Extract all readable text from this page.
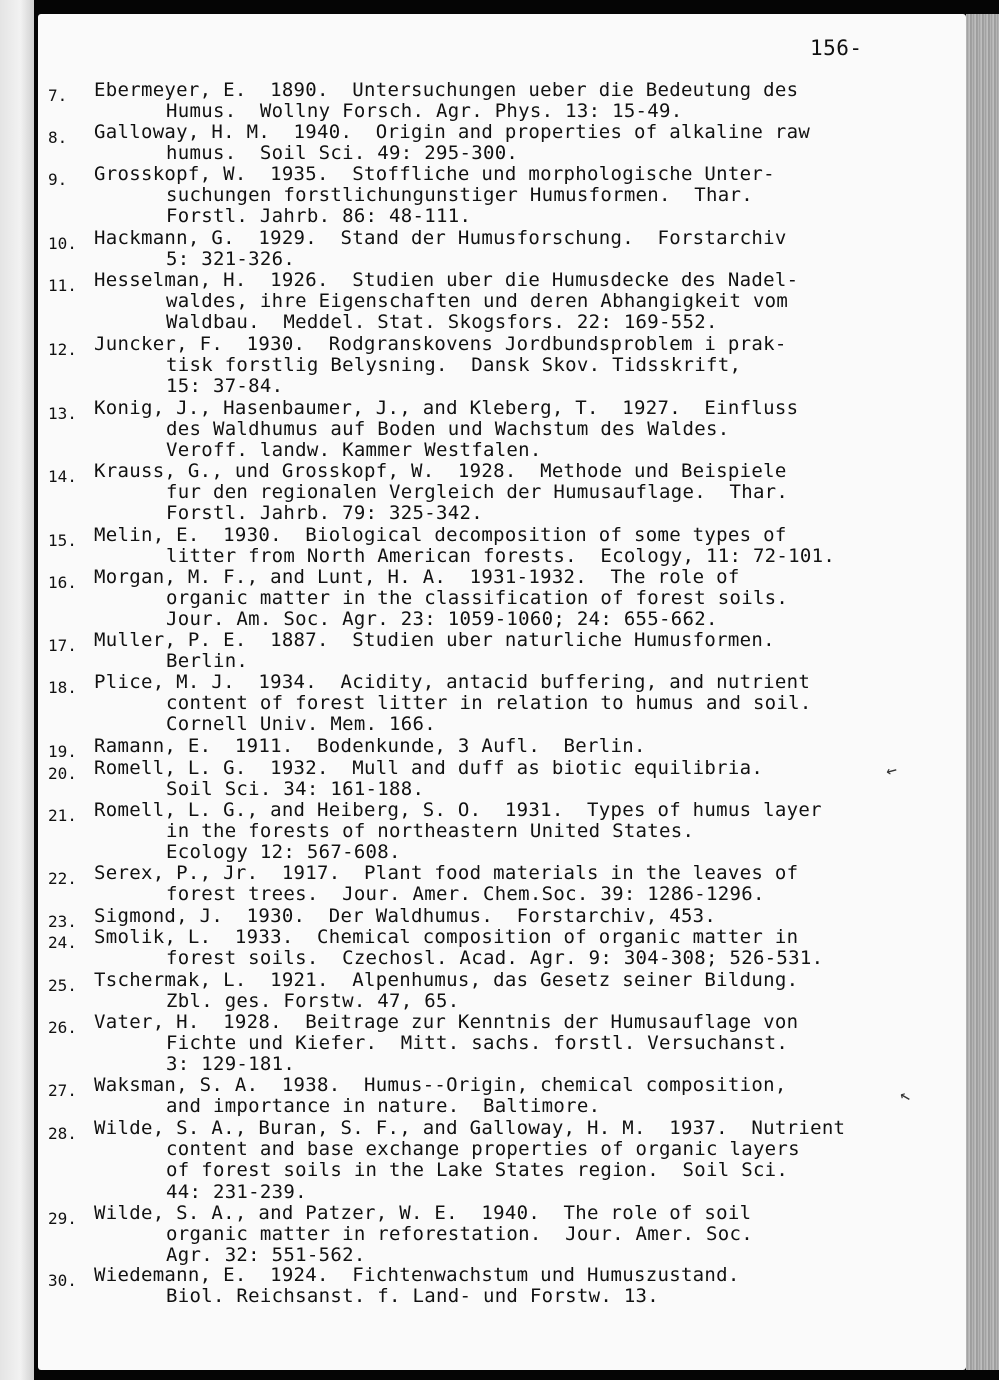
156-
7. Ebermeyer, E.  1890.  Untersuchungen ueber die Bedeutung des
Humus.  Wollny Forsch. Agr. Phys. 13: 15-49.
8. Galloway, H. M.  1940.  Origin and properties of alkaline raw
humus.  Soil Sci. 49: 295-300.
9. Grosskopf, W.  1935.  Stoffliche und morphologische Unter-
suchungen forstlichungunstiger Humusformen.  Thar.
Forstl. Jahrb. 86: 48-111.
10. Hackmann, G.  1929.  Stand der Humusforschung.  Forstarchiv
5: 321-326.
11. Hesselman, H.  1926.  Studien uber die Humusdecke des Nadel-
waldes, ihre Eigenschaften und deren Abhangigkeit vom
Waldbau.  Meddel. Stat. Skogsfors. 22: 169-552.
12. Juncker, F.  1930.  Rodgranskovens Jordbundsproblem i prak-
tisk forstlig Belysning.  Dansk Skov. Tidsskrift,
15: 37-84.
13. Konig, J., Hasenbaumer, J., and Kleberg, T.  1927.  Einfluss
des Waldhumus auf Boden und Wachstum des Waldes.
Veroff. landw. Kammer Westfalen.
14. Krauss, G., und Grosskopf, W.  1928.  Methode und Beispiele
fur den regionalen Vergleich der Humusauflage.  Thar.
Forstl. Jahrb. 79: 325-342.
15. Melin, E.  1930.  Biological decomposition of some types of
litter from North American forests.  Ecology, 11: 72-101.
16. Morgan, M. F., and Lunt, H. A.  1931-1932.  The role of
organic matter in the classification of forest soils.
Jour. Am. Soc. Agr. 23: 1059-1060; 24: 655-662.
17. Muller, P. E.  1887.  Studien uber naturliche Humusformen.
Berlin.
18. Plice, M. J.  1934.  Acidity, antacid buffering, and nutrient
content of forest litter in relation to humus and soil.
Cornell Univ. Mem. 166.
19. Ramann, E.  1911.  Bodenkunde, 3 Aufl.  Berlin.
20. Romell, L. G.  1932.  Mull and duff as biotic equilibria.
Soil Sci. 34: 161-188.
21. Romell, L. G., and Heiberg, S. O.  1931.  Types of humus layer
in the forests of northeastern United States.
Ecology 12: 567-608.
22. Serex, P., Jr.  1917.  Plant food materials in the leaves of
forest trees.  Jour. Amer. Chem.Soc. 39: 1286-1296.
23. Sigmond, J.  1930.  Der Waldhumus.  Forstarchiv, 453.
24. Smolik, L.  1933.  Chemical composition of organic matter in
forest soils.  Czechosl. Acad. Agr. 9: 304-308; 526-531.
25. Tschermak, L.  1921.  Alpenhumus, das Gesetz seiner Bildung.
Zbl. ges. Forstw. 47, 65.
26. Vater, H.  1928.  Beitrage zur Kenntnis der Humusauflage von
Fichte und Kiefer.  Mitt. sachs. forstl. Versuchanst.
3: 129-181.
27. Waksman, S. A.  1938.  Humus--Origin, chemical composition,
and importance in nature.  Baltimore.
28. Wilde, S. A., Buran, S. F., and Galloway, H. M.  1937.  Nutrient
content and base exchange properties of organic layers
of forest soils in the Lake States region.  Soil Sci.
44: 231-239.
29. Wilde, S. A., and Patzer, W. E.  1940.  The role of soil
organic matter in reforestation.  Jour. Amer. Soc.
Agr. 32: 551-562.
30. Wiedemann, E.  1924.  Fichtenwachstum und Humuszustand.
Biol. Reichsanst. f. Land- und Forstw. 13.
←
←
